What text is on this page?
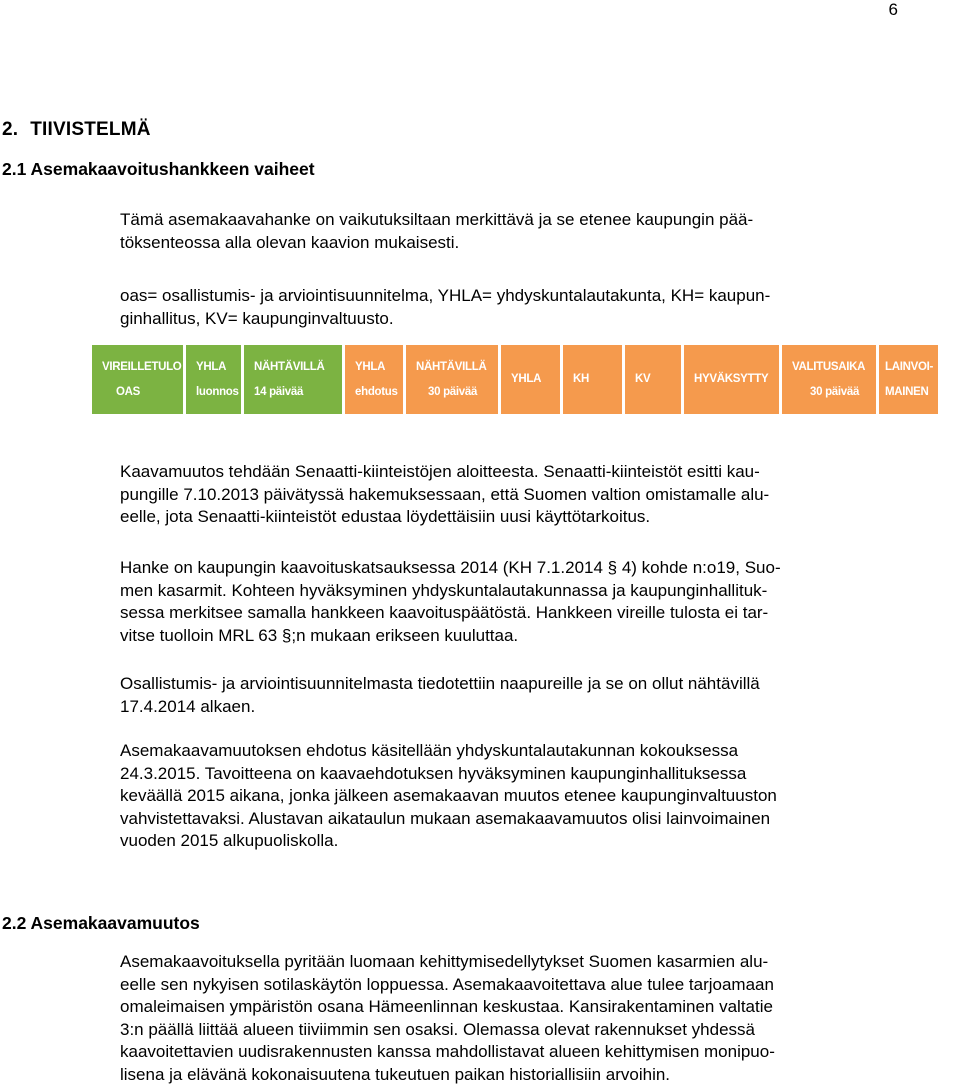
6
2. TIIVISTELMÄ
2.1 Asemakaavoitushankkeen vaiheet

Tämä asemakaavahanke on vaikutuksiltaan merkittävä ja se etenee kaupungin pää-

töksenteossa alla olevan kaavion mukaisesti.

oas= osallistumis- ja arviointisuunnitelma, YHLA= yhdyskuntalautakunta, KH= kaupun-

ginhallitus, KV= kaupunginvaltuusto.

VIREILLETULO
OAS
YHLA
luonnos
NÄHTÄVILLÄ
14 päivää
YHLA
ehdotus
NÄHTÄVILLÄ
30 päivää
YHLA	KH	KV	HYVÄKSYTTY
VALITUSAIKA
30 päivää
LAINVOI-
MAINEN

Kaavamuutos tehdään Senaatti-kiinteistöjen aloitteesta. Senaatti-kiinteistöt esitti kau-

pungille 7.10.2013 päivätyssä hakemuksessaan, että Suomen valtion omistamalle alu-

eelle, jota Senaatti-kiinteistöt edustaa löydettäisiin uusi käyttötarkoitus.

Hanke on kaupungin kaavoituskatsauksessa 2014 (KH 7.1.2014 § 4) kohde n:o19, Suo-

men kasarmit. Kohteen hyväksyminen yhdyskuntalautakunnassa ja kaupunginhallituk-

sessa merkitsee samalla hankkeen kaavoituspäätöstä. Hankkeen vireille tulosta ei tar-

vitse tuolloin MRL 63 §;n mukaan erikseen kuuluttaa.

Osallistumis- ja arviointisuunnitelmasta tiedotettiin naapureille ja se on ollut nähtävillä

17.4.2014 alkaen.

Asemakaavamuutoksen ehdotus käsitellään yhdyskuntalautakunnan kokouksessa

24.3.2015. Tavoitteena on kaavaehdotuksen hyväksyminen kaupunginhallituksessa

keväällä 2015 aikana, jonka jälkeen asemakaavan muutos etenee kaupunginvaltuuston

vahvistettavaksi. Alustavan aikataulun mukaan asemakaavamuutos olisi lainvoimainen

vuoden 2015 alkupuoliskolla.

2.2 Asemakaavamuutos

Asemakaavoituksella pyritään luomaan kehittymisedellytykset Suomen kasarmien alu-

eelle sen nykyisen sotilaskäytön loppuessa. Asemakaavoitettava alue tulee tarjoamaan

omaleimaisen ympäristön osana Hämeenlinnan keskustaa. Kansirakentaminen valtatie

3:n päällä liittää alueen tiiviimmin sen osaksi. Olemassa olevat rakennukset yhdessä

kaavoitettavien uudisrakennusten kanssa mahdollistavat alueen kehittymisen monipuo-

lisena ja elävänä kokonaisuutena tukeutuen paikan historiallisiin arvoihin.
